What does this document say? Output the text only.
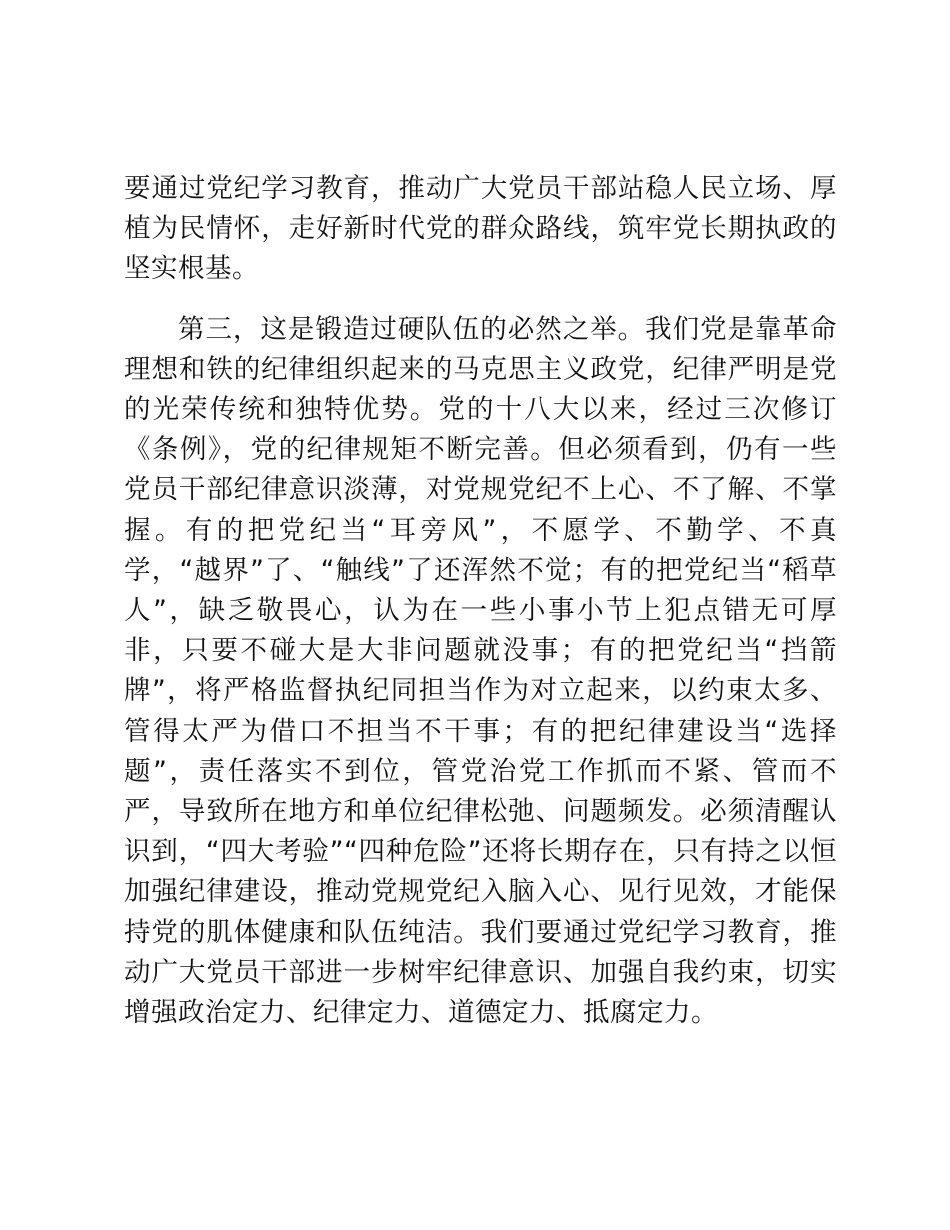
要通过党纪学习教育，推动广大党员干部站稳人民立场、厚植为民情怀，走好新时代党的群众路线，筑牢党长期执政的坚实根基。

第三，这是锻造过硬队伍的必然之举。我们党是靠革命理想和铁的纪律组织起来的马克思主义政党，纪律严明是党的光荣传统和独特优势。党的十八大以来，经过三次修订《条例》，党的纪律规矩不断完善。但必须看到，仍有一些党员干部纪律意识淡薄，对党规党纪不上心、不了解、不掌握。有的把党纪当“耳旁风”，不愿学、不勤学、不真学，“越界”了、“触线”了还浑然不觉；有的把党纪当“稻草人”，缺乏敬畏心，认为在一些小事小节上犯点错无可厚非，只要不碰大是大非问题就没事；有的把党纪当“挡箭牌”，将严格监督执纪同担当作为对立起来，以约束太多、管得太严为借口不担当不干事；有的把纪律建设当“选择题”，责任落实不到位，管党治党工作抓而不紧、管而不严，导致所在地方和单位纪律松弛、问题频发。必须清醒认识到，“四大考验”“四种危险”还将长期存在，只有持之以恒加强纪律建设，推动党规党纪入脑入心、见行见效，才能保持党的肌体健康和队伍纯洁。我们要通过党纪学习教育，推动广大党员干部进一步树牢纪律意识、加强自我约束，切实增强政治定力、纪律定力、道德定力、抵腐定力。
